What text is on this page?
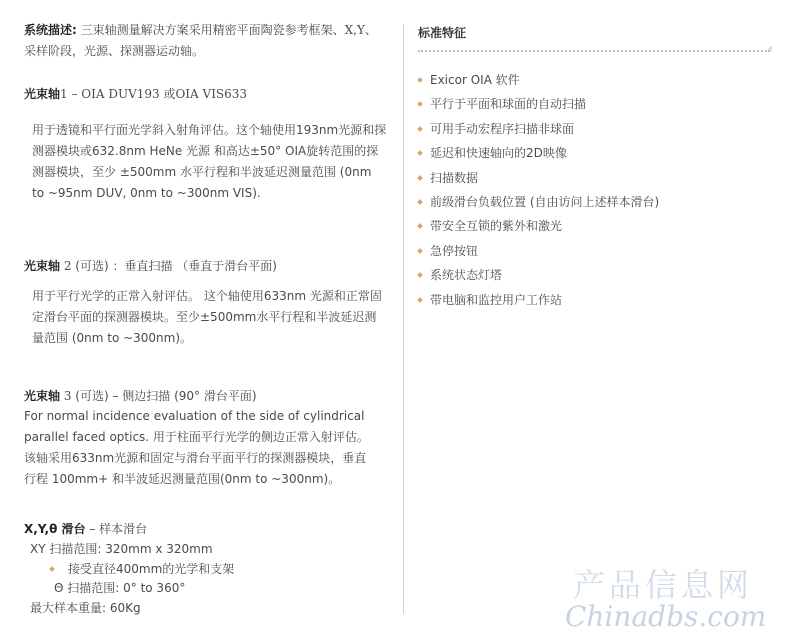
系统描述: 三束轴测量解决方案采用精密平面陶瓷参考框架、X,Y、采样阶段，光源、探测器运动轴。
光束轴1 – OIA DUV193 或OIA VIS633
用于透镜和平行面光学斜入射角评估。这个轴使用193nm光源和探测器模块或632.8nm HeNe 光源 和高达±50° OIA旋转范围的探测器模块，至少 ±500mm 水平行程和半波延迟测量范围 (0nm to ~95nm DUV, 0nm to ~300nm VIS).
光束轴 2 (可选) ：垂直扫描 （垂直于滑台平面)
用于平行光学的正常入射评估。 这个轴使用633nm 光源和正常固定滑台平面的探测器模块。至少±500mm水平行程和半波延迟测量范围 (0nm to ~300nm)。
光束轴 3 (可选) – 侧边扫描 (90° 滑台平面)
For normal incidence evaluation of the side of cylindrical parallel faced optics. 用于柱面平行光学的侧边正常入射评估。该轴采用633nm光源和固定与滑台平面平行的探测器模块，垂直行程 100mm+ 和半波延迟测量范围(0nm to ~300nm)。
X,Y,θ 滑台 – 样本滑台
XY 扫描范围: 320mm x 320mm
接受直径400mm的光学和支架
Θ 扫描范围: 0° to 360°
最大样本重量: 60Kg
标准特征
d
Exicor OIA 软件
平行于平面和球面的自动扫描
可用手动宏程序扫描非球面
延迟和快速轴向的2D映像
扫描数据
前级滑台负载位置 (自由访问上述样本滑台)
带安全互锁的紫外和激光
急停按钮
系统状态灯塔
带电脑和监控用户工作站
产品信息网
Chinadbs.com
